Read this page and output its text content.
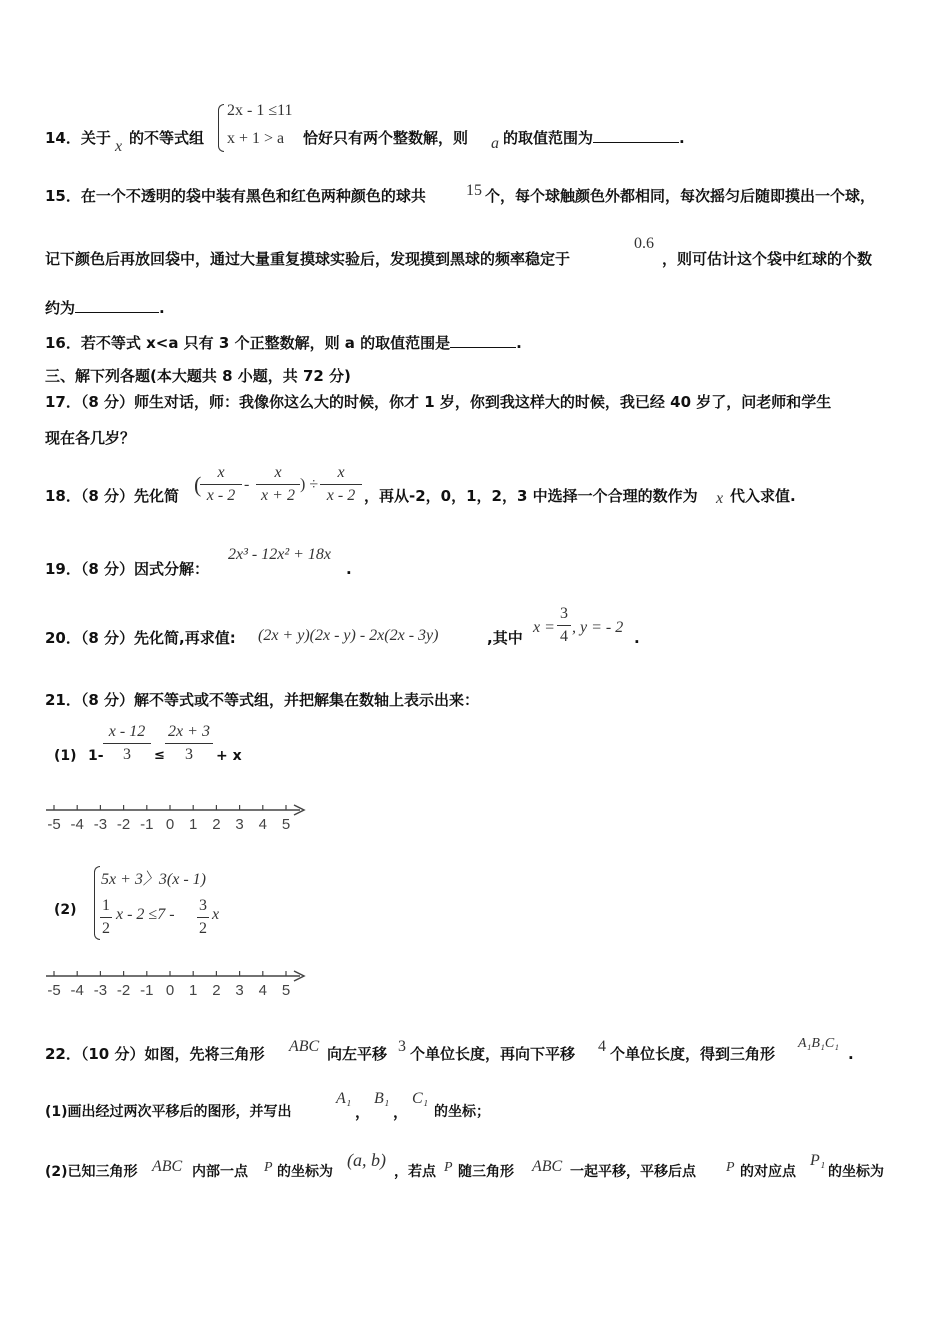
14．关于 x 的不等式组
2x - 1 ≤11
x + 1 > a 恰好只有两个整数解，则 a 的取值范围为	.
15．在一个不透明的袋中装有黑色和红色两种颜色的球共	15 个，每个球触颜色外都相同，每次摇匀后随即摸出一个球，
记下颜色后再放回袋中，通过大量重复摸球实验后，发现摸到黑球的频率稳定于
0.6
，则可估计这个袋中红球的个数
约为	.
16．若不等式 x<a 只有 3 个正整数解，则 a 的取值范围是	.
三、解下列各题(本大题共 8 小题，共 72 分)
17．（8 分）师生对话，师：我像你这么大的时候，你才 1 岁，你到我这样大的时候，我已经 40 岁了，问老师和学生
现在各几岁？
18．（8 分）先化简 (	x
x - 2
-
x
x + 2
) ÷
x
x - 2 ，再从-2，0，1，2，3 中选择一个合理的数作为 x 代入求值.
19．（8 分）因式分解：
2x³ - 12x² + 18x
.
20．（8 分）先化简,再求值: (2x + y)(2x - y) - 2x(2x - 3y)	,其中
x =
3
4
, y = - 2
.
21．（8 分）解不等式或不等式组，并把解集在数轴上表示出来：
(1) 1-
x - 12
3	≤
2x + 3
3	+ x
-5 -4 -3 -2 -1 0 1 2 3 4 5
(2)
5x + 3〉3(x - 1)
1
2
x - 2 ≤7 -
3
2
x
-5 -4 -3 -2 -1 0 1 2 3 4 5
22．（10 分）如图，先将三角形 ABC 向左平移 3 个单位长度，再向下平移 4 个单位长度，得到三角形
A₁B₁C₁
.
(1)画出经过两次平移后的图形，并写出
A₁
，
B₁
，
C₁
的坐标；
(2)已知三角形 ABC 内部一点 P 的坐标为
(a, b)
，若点 P 随三角形 ABC 一起平移，平移后点 P 的对应点
P₁
的坐标为
